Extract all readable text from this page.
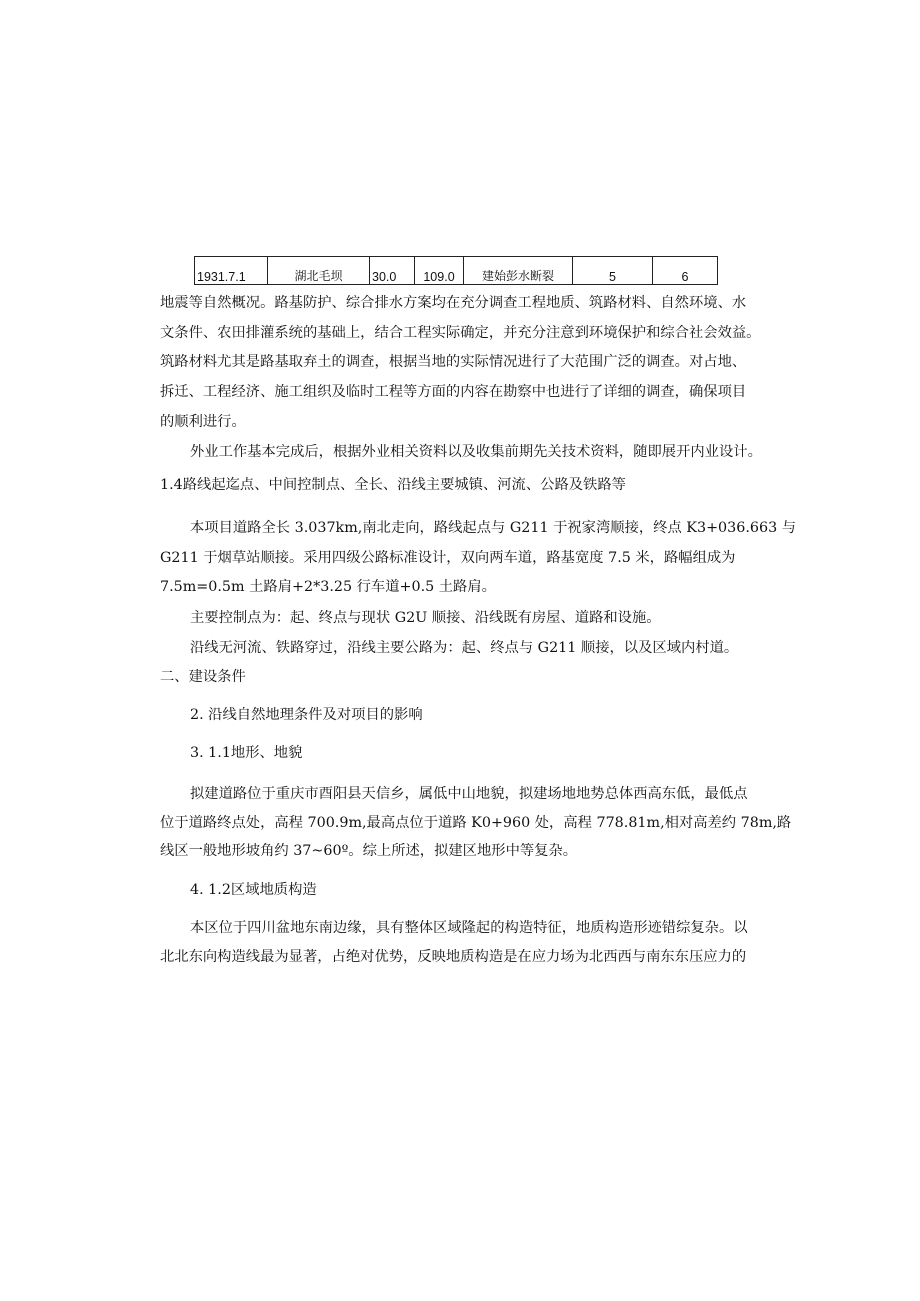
1931.7.1	湖北毛坝	30.0	109.0	建始彭水断裂	5	6
地震等自然概况。路基防护、综合排水方案均在充分调查工程地质、筑路材料、自然环境、水
文条件、农田排灌系统的基础上，结合工程实际确定，并充分注意到环境保护和综合社会效益。
筑路材料尤其是路基取弃土的调查，根据当地的实际情况进行了大范围广泛的调查。对占地、
拆迁、工程经济、施工组织及临时工程等方面的内容在勘察中也进行了详细的调查，确保项目
的顺利进行。
外业工作基本完成后，根据外业相关资料以及收集前期先关技术资料，随即展开内业设计。
1.4路线起迄点、中间控制点、全长、沿线主要城镇、河流、公路及铁路等
本项目道路全长 3.037km,南北走向，路线起点与 G211 于祝家湾顺接，终点 K3+036.663 与
G211 于烟草站顺接。采用四级公路标准设计，双向两车道，路基宽度 7.5 米，路幅组成为
7.5m=0.5m 土路肩+2*3.25 行车道+0.5 土路肩。
主要控制点为：起、终点与现状 G2U 顺接、沿线既有房屋、道路和设施。
沿线无河流、铁路穿过，沿线主要公路为：起、终点与 G211 顺接，以及区域内村道。
二、建设条件
2. 沿线自然地理条件及对项目的影响
3. 1.1地形、地貌
拟建道路位于重庆市酉阳县天信乡，属低中山地貌，拟建场地地势总体西高东低，最低点
位于道路终点处，高程 700.9m,最高点位于道路 K0+960 处，高程 778.81m,相对高差约 78m,路
线区一般地形坡角约 37~60º。综上所述，拟建区地形中等复杂。
4. 1.2区域地质构造
本区位于四川盆地东南边缘，具有整体区域隆起的构造特征，地质构造形迹错综复杂。以
北北东向构造线最为显著，占绝对优势，反映地质构造是在应力场为北西西与南东东压应力的
